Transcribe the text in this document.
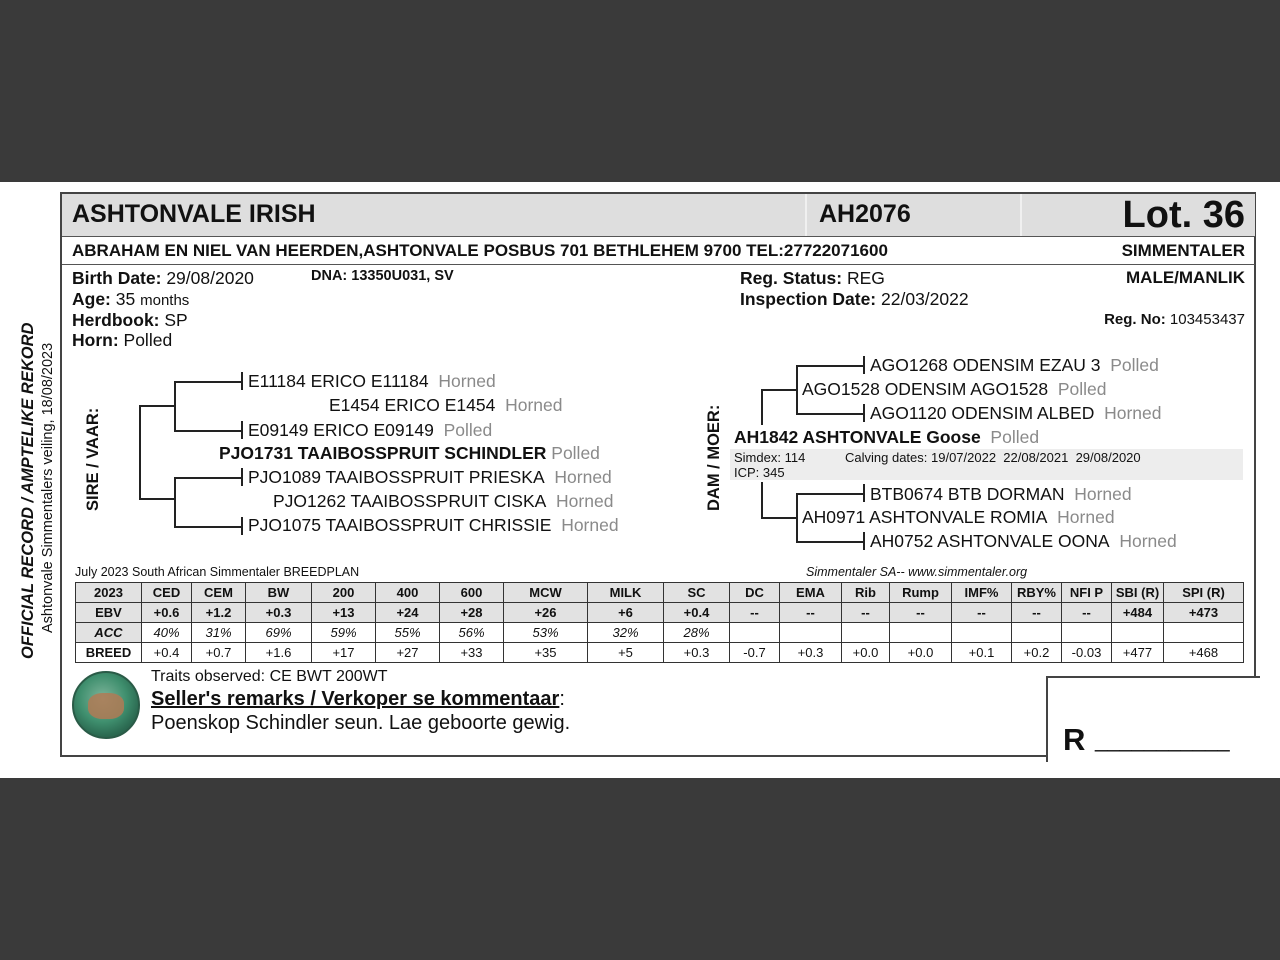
ASHTONVALE IRISH	AH2076	Lot. 36
ABRAHAM EN NIEL VAN HEERDEN,ASHTONVALE POSBUS 701 BETHLEHEM 9700 TEL:27722071600	SIMMENTALER
Birth Date: 29/08/2020	DNA: 13350U031, SV
Age: 35 months
Herdbook: SP
Horn: Polled
Reg. Status: REG
Inspection Date: 22/03/2022
MALE/MANLIK
Reg. No: 103453437
OFFICIAL RECORD / AMPTELIKE REKORD Ashtonvale Simmentalers veiling, 18/08/2023 SIRE / VAAR:
E11184 ERICO E11184 Horned
E1454 ERICO E1454 Horned
E09149 ERICO E09149 Polled
PJO1731 TAAIBOSSPRUIT SCHINDLER Polled
PJO1089 TAAIBOSSPRUIT PRIESKA Horned
PJO1262 TAAIBOSSPRUIT CISKA Horned
PJO1075 TAAIBOSSPRUIT CHRISSIE Horned
DAM / MOER:
AGO1268 ODENSIM EZAU 3 Polled
AGO1528 ODENSIM AGO1528 Polled
AGO1120 ODENSIM ALBED Horned
AH1842 ASHTONVALE Goose Polled
Simdex: 114	Calving dates: 19/07/2022  22/08/2021  29/08/2020
ICP: 345
BTB0674 BTB DORMAN Horned
AH0971 ASHTONVALE ROMIA Horned
AH0752 ASHTONVALE OONA Horned
July 2023 South African Simmentaler BREEDPLAN	Simmentaler SA-- www.simmentaler.org
2023	CED	CEM	BW	200	400	600	MCW	MILK	SC	DC	EMA	Rib	Rump	IMF%	RBY%	NFI P	SBI (R)	SPI (R)
EBV	+0.6	+1.2	+0.3	+13	+24	+28	+26	+6	+0.4	--	--	--	--	--	--	--	+484	+473
ACC	40%	31%	69%	59%	55%	56%	53%	32%	28%									
BREED	+0.4	+0.7	+1.6	+17	+27	+33	+35	+5	+0.3	-0.7	+0.3	+0.0	+0.0	+0.1	+0.2	-0.03	+477	+468
Traits observed: CE BWT 200WT
Seller's remarks / Verkoper se kommentaar:
Poenskop Schindler seun. Lae geboorte gewig.	R ___________
